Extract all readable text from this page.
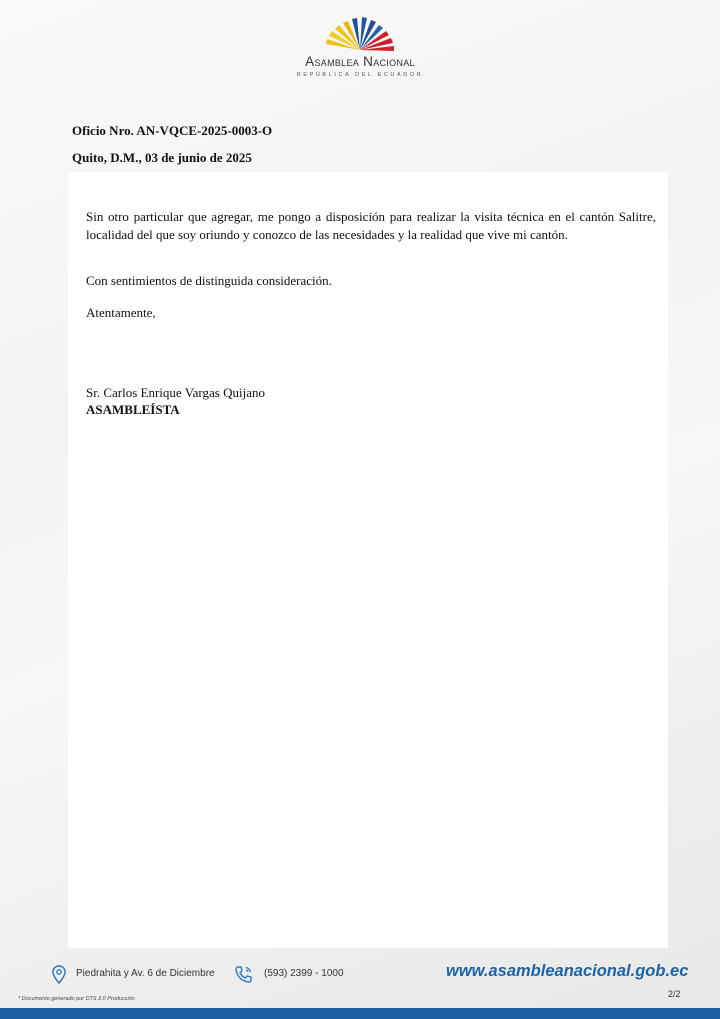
Asamblea Nacional
REPÚBLICA DEL ECUADOR
Oficio Nro. AN-VQCE-2025-0003-O
Quito, D.M., 03 de junio de 2025
Sin otro particular que agregar, me pongo a disposición para realizar la visita técnica en el cantón Salitre, localidad del que soy oriundo y conozco de las necesidades y la realidad que vive mi cantón.
Con sentimientos de distinguida consideración.
Atentamente,
Sr. Carlos Enrique Vargas Quijano
ASAMBLEÍSTA
Piedrahita y Av. 6 de Diciembre	(593) 2399 - 1000	www.asambleanacional.gob.ec
2/2
* Documento generado por DTS 2.0 Producción
